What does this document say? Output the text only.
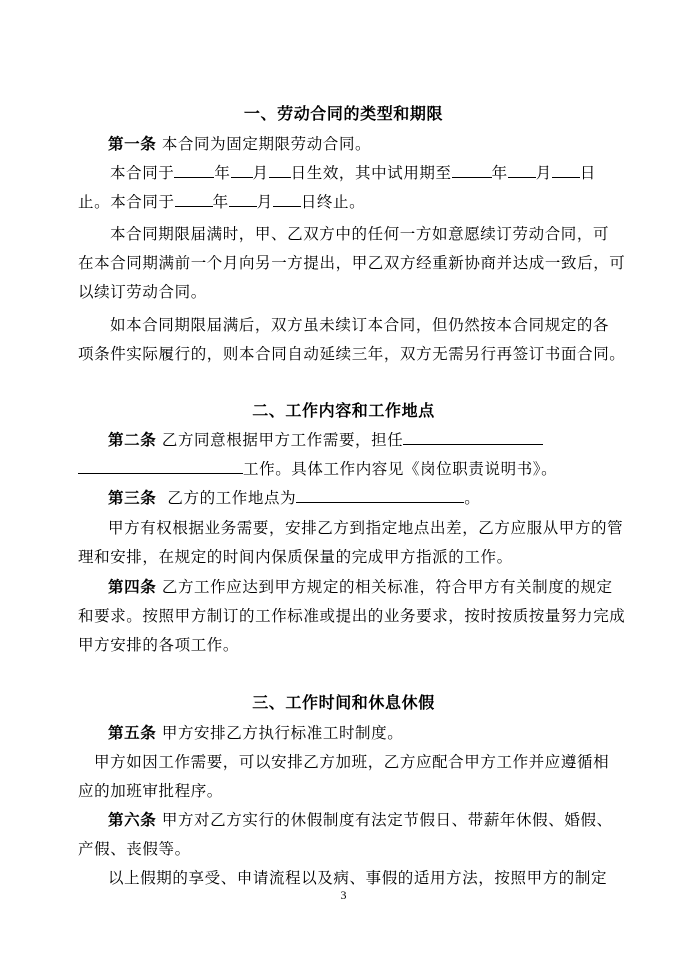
一、劳动合同的类型和期限
第一条 本合同为固定期限劳动合同。
本合同于	年 月 日生效，其中试用期至	年 月 日
止。本合同于 年 月 日终止。
本合同期限届满时，甲、乙双方中的任何一方如意愿续订劳动合同，可
在本合同期满前一个月向另一方提出，甲乙双方经重新协商并达成一致后，可
以续订劳动合同。
如本合同期限届满后，双方虽未续订本合同，但仍然按本合同规定的各
项条件实际履行的，则本合同自动延续三年，双方无需另行再签订书面合同。
二、工作内容和工作地点
第二条 乙方同意根据甲方工作需要，担任
工作。具体工作内容见《岗位职责说明书》。
第三条 乙方的工作地点为	。
甲方有权根据业务需要，安排乙方到指定地点出差，乙方应服从甲方的管
理和安排，在规定的时间内保质保量的完成甲方指派的工作。
第四条 乙方工作应达到甲方规定的相关标准，符合甲方有关制度的规定
和要求。按照甲方制订的工作标准或提出的业务要求，按时按质按量努力完成
甲方安排的各项工作。
三、工作时间和休息休假
第五条 甲方安排乙方执行标准工时制度。
甲方如因工作需要，可以安排乙方加班，乙方应配合甲方工作并应遵循相
应的加班审批程序。
第六条 甲方对乙方实行的休假制度有法定节假日、带薪年休假、婚假、
产假、丧假等。
以上假期的享受、申请流程以及病、事假的适用方法，按照甲方的制定
3
